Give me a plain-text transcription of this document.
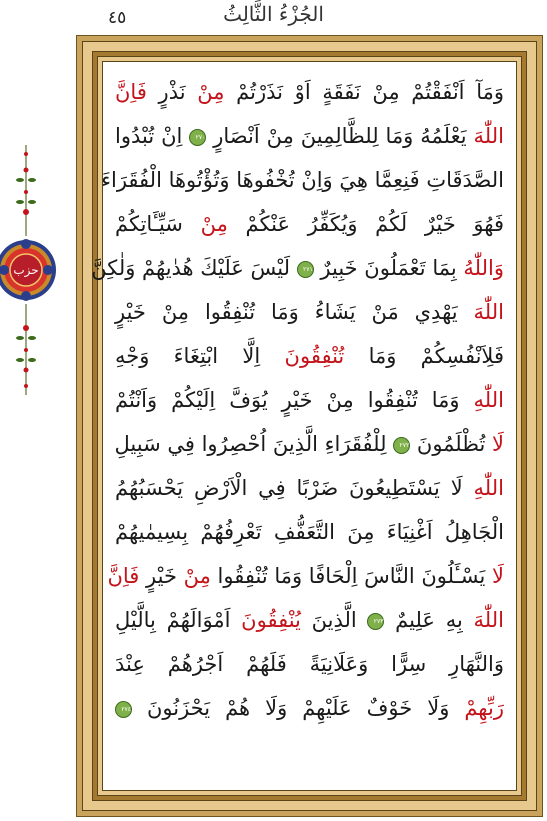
٤٥	الجُزْءُ الثَّالِثُ
حزب
وَمَآ اَنْفَقْتُمْ مِنْ نَفَقَةٍ اَوْ نَذَرْتُمْ مِنْ نَذْرٍ فَاِنَّ
اللّٰهَ يَعْلَمُهُ وَمَا لِلظَّالِمِينَ مِنْ اَنْصَارٍ ٢٧٠ اِنْ تُبْدُوا
الصَّدَقَاتِ فَنِعِمَّا هِيَ وَاِنْ تُخْفُوهَا وَتُؤْتُوهَا الْفُقَرَاءَ
فَهُوَ خَيْرٌ لَكُمْ وَيُكَفِّرُ عَنْكُمْ مِنْ سَيِّـَٔاتِكُمْ
وَاللّٰهُ بِمَا تَعْمَلُونَ خَبِيرٌ ٢٧١ لَيْسَ عَلَيْكَ هُدٰيهُمْ وَلٰكِنَّ
اللّٰهَ يَهْدِي مَنْ يَشَاءُ وَمَا تُنْفِقُوا مِنْ خَيْرٍ
فَلِاَنْفُسِكُمْ وَمَا تُنْفِقُونَ اِلَّا ابْتِغَاءَ وَجْهِ
اللّٰهِ وَمَا تُنْفِقُوا مِنْ خَيْرٍ يُوَفَّ اِلَيْكُمْ وَاَنْتُمْ
لَا تُظْلَمُونَ ٢٧٢ لِلْفُقَرَاءِ الَّذِينَ اُحْصِرُوا فِي سَبِيلِ
اللّٰهِ لَا يَسْتَطِيعُونَ ضَرْبًا فِي الْاَرْضِ يَحْسَبُهُمُ
الْجَاهِلُ اَغْنِيَاءَ مِنَ التَّعَفُّفِ تَعْرِفُهُمْ بِسِيمٰيهُمْ
لَا يَسْـَٔلُونَ النَّاسَ اِلْحَافًا وَمَا تُنْفِقُوا مِنْ خَيْرٍ فَاِنَّ
اللّٰهَ بِهِ عَلِيمٌ ٢٧٣ الَّذِينَ يُنْفِقُونَ اَمْوَالَهُمْ بِالَّيْلِ
وَالنَّهَارِ سِرًّا وَعَلَانِيَةً فَلَهُمْ اَجْرُهُمْ عِنْدَ
رَبِّهِمْ وَلَا خَوْفٌ عَلَيْهِمْ وَلَا هُمْ يَحْزَنُونَ ٢٧٤
